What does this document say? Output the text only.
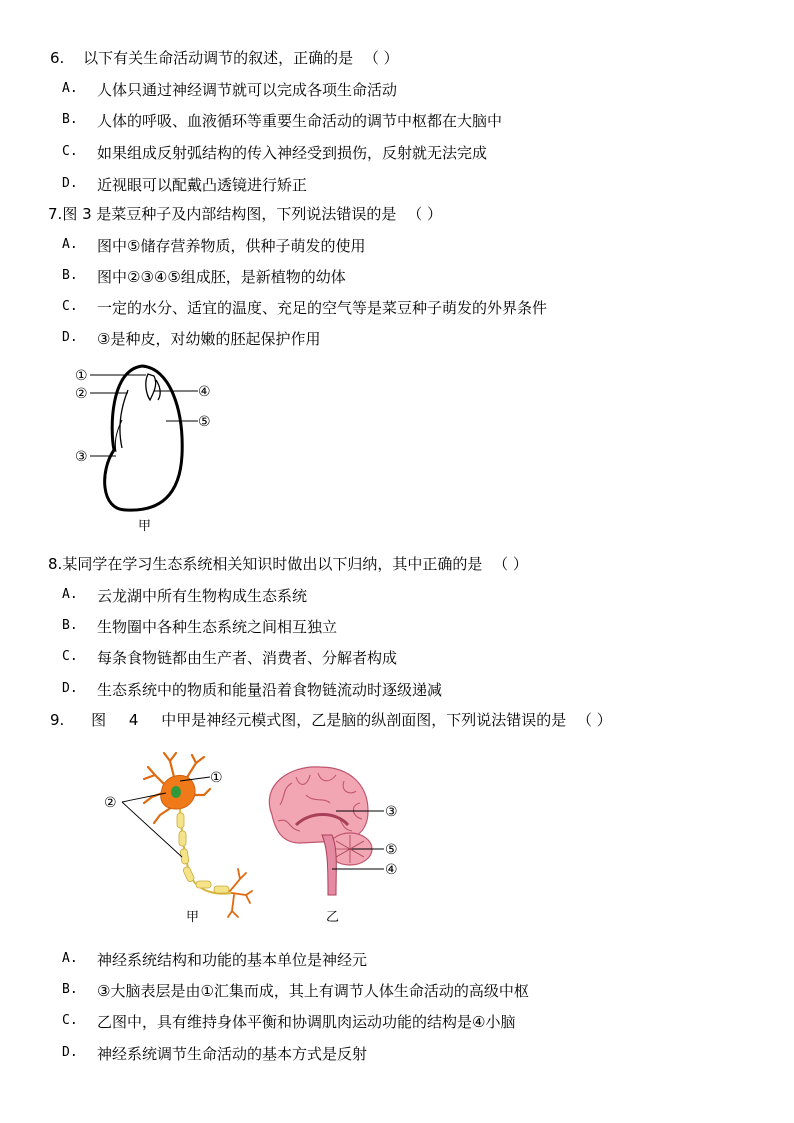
6. 以下有关生命活动调节的叙述，正确的是 （ ）
A. 人体只通过神经调节就可以完成各项生命活动
B. 人体的呼吸、血液循环等重要生命活动的调节中枢都在大脑中
C. 如果组成反射弧结构的传入神经受到损伤，反射就无法完成
D. 近视眼可以配戴凸透镜进行矫正
7.图 3 是菜豆种子及内部结构图，下列说法错误的是 （ ）
A. 图中⑤储存营养物质，供种子萌发的使用
B. 图中②③④⑤组成胚，是新植物的幼体
C. 一定的水分、适宜的温度、充足的空气等是菜豆种子萌发的外界条件
D. ③是种皮，对幼嫩的胚起保护作用
①
②
③
④
⑤
甲
8.某同学在学习生态系统相关知识时做出以下归纳，其中正确的是 （ ）
A. 云龙湖中所有生物构成生态系统
B. 生物圈中各种生态系统之间相互独立
C. 每条食物链都由生产者、消费者、分解者构成
D. 生态系统中的物质和能量沿着食物链流动时逐级递减
9. 图 4 中甲是神经元模式图，乙是脑的纵剖面图，下列说法错误的是 （ ）
①
②
甲
③
⑤
④
乙
A. 神经系统结构和功能的基本单位是神经元
B. ③大脑表层是由①汇集而成，其上有调节人体生命活动的高级中枢
C. 乙图中，具有维持身体平衡和协调肌肉运动功能的结构是④小脑
D. 神经系统调节生命活动的基本方式是反射
